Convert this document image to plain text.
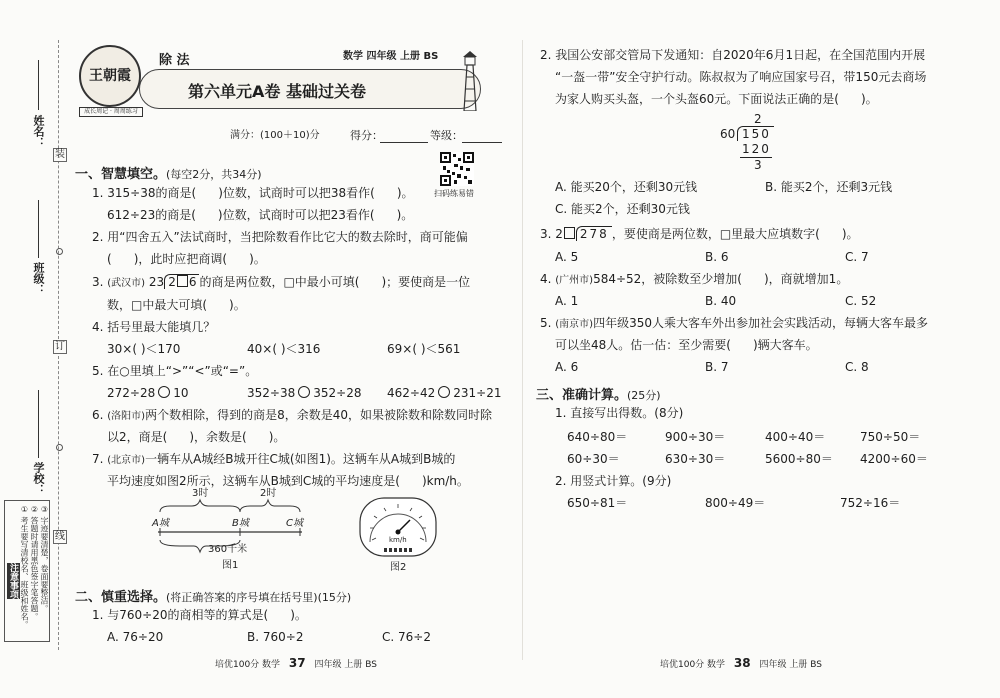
姓名：
班级：
学校：
装
订
线
注意事项 ① 考生要写清校名、班级和姓名。 ② 答题时请用黑色签字笔答题。 ③ 字迹要清楚，卷面要整洁。
王朝霞
成长周记 · 周周练习
第六单元A卷 基础过关卷
除 法	数学 四年级 上册 BS
满分：(100＋10)分	得分：	等级：
扫码练易错
一、智慧填空。(每空2分，共34分)
1. 315÷38的商是( )位数，试商时可以把38看作( )。
612÷23的商是( )位数，试商时可以把23看作( )。
2. 用“四舍五入”法试商时，当把除数看作比它大的数去除时，商可能偏
( )，此时应把商调( )。
3. (武汉市) 23 2 6 的商是两位数，□中最小可填( )；要使商是一位
数，□中最大可填( )。
4. 括号里最大能填几？
30×( )＜170	40×( )＜316	69×( )＜561
5. 在○里填上“>”“<”或“=”。
272÷28 10	352÷38 352÷28 462÷42 231÷21
6. (洛阳市)两个数相除，得到的商是8，余数是40，如果被除数和除数同时除
以2，商是( )，余数是( )。
7. (北京市)一辆车从A城经B城开往C城(如图1)。这辆车从A城到B城的
平均速度如图2所示，这辆车从B城到C城的平均速度是( )km/h。
3时	2时
A城	B城	C城
360千米
图1
km/h
图2
二、慎重选择。(将正确答案的序号填在括号里)(15分)
1. 与760÷20的商相等的算式是( )。
A. 76÷20	B. 760÷2	C. 76÷2
培优100分 数学 37 四年级 上册 BS
2. 我国公安部交管局下发通知：自2020年6月1日起，在全国范围内开展
“一盔一带”安全守护行动。陈叔叔为了响应国家号召，带150元去商场
为家人购买头盔，一个头盔60元。下面说法正确的是( )。
2
60 150
120
3
A. 能买20个，还剩30元钱	B. 能买2个，还剩3元钱
C. 能买2个，还剩30元钱
3. 2 278 ，要使商是两位数，□里最大应填数字( )。
A. 5	B. 6	C. 7
4. (广州市)584÷52，被除数至少增加( )，商就增加1。
A. 1	B. 40	C. 52
5. (南京市)四年级350人乘大客车外出参加社会实践活动，每辆大客车最多
可以坐48人。估一估：至少需要( )辆大客车。
A. 6	B. 7	C. 8
三、准确计算。(25分)
1. 直接写出得数。(8分)
640÷80＝	900÷30＝	400÷40＝	750÷50＝
60÷30＝	630÷30＝	5600÷80＝ 4200÷60＝
2. 用竖式计算。(9分)
650÷81＝	800÷49＝	752÷16＝
培优100分 数学 38 四年级 上册 BS
